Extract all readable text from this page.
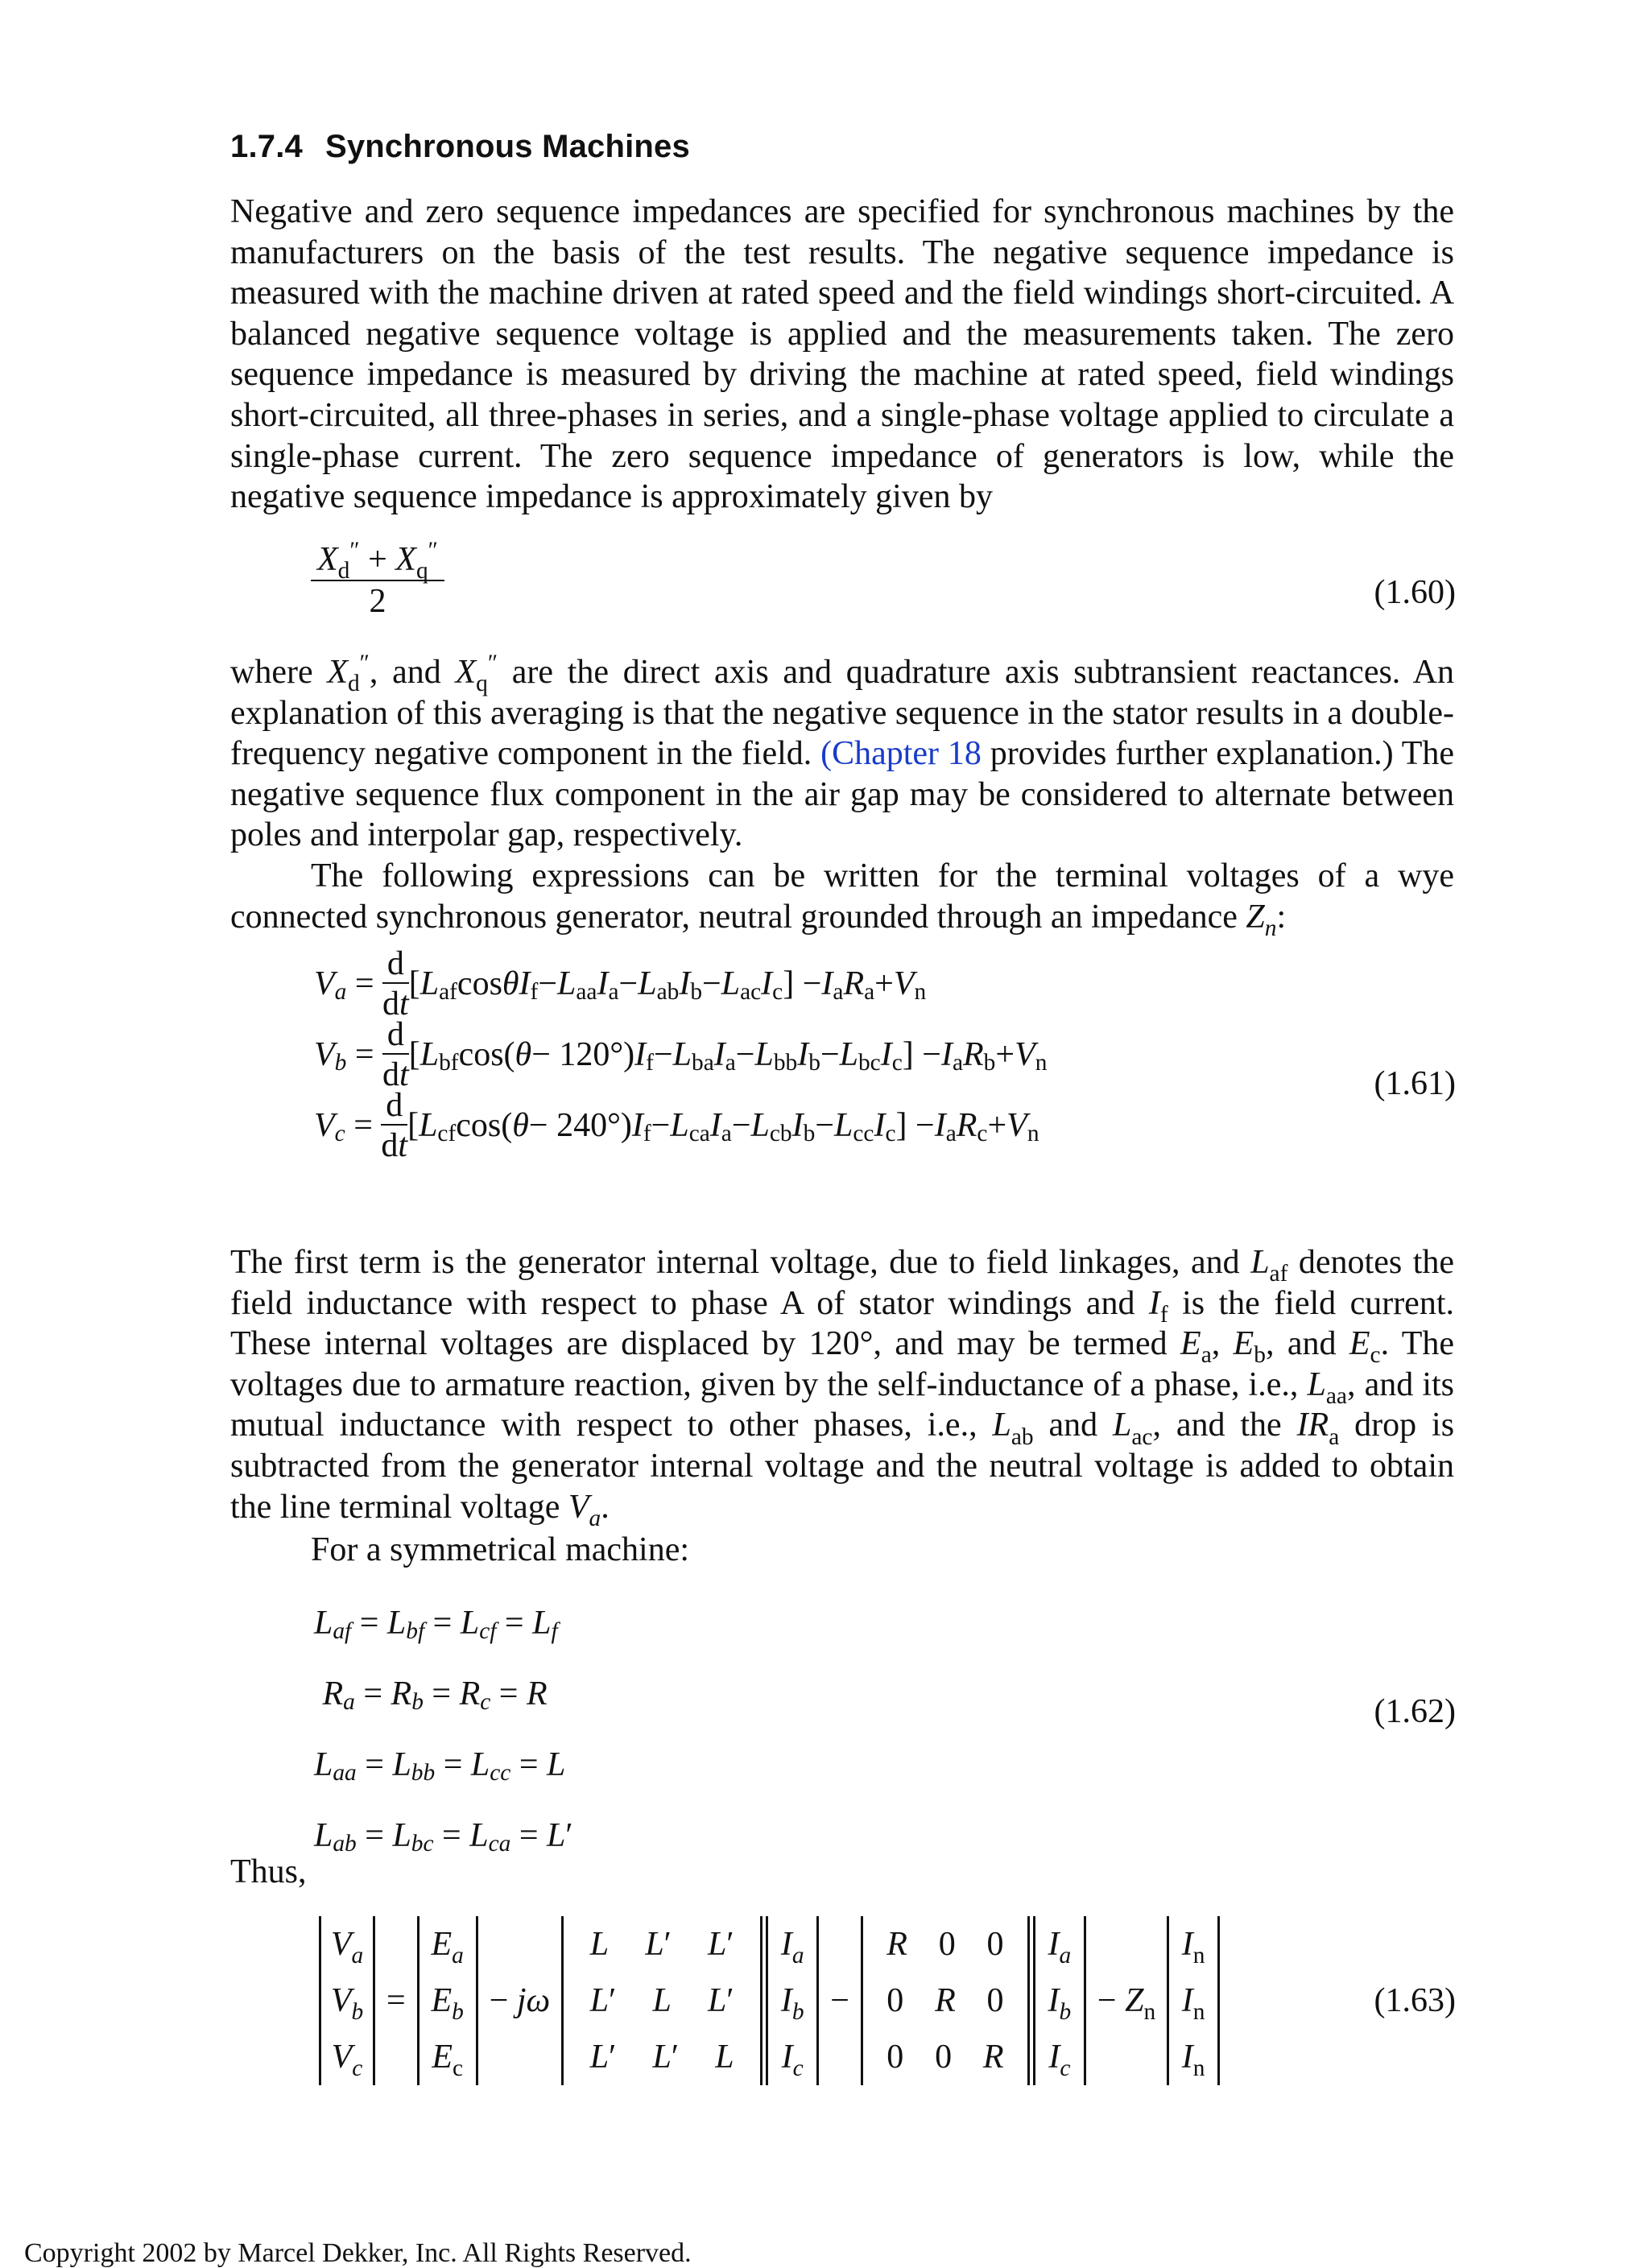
1.7.4 Synchronous Machines

Negative and zero sequence impedances are specified for synchronous machines by the manufacturers on the basis of the test results. The negative sequence impedance is measured with the machine driven at rated speed and the field windings short-circuited. A balanced negative sequence voltage is applied and the measurements taken. The zero sequence impedance is measured by driving the machine at rated speed, field windings short-circuited, all three-phases in series, and a single-phase voltage applied to circulate a single-phase current. The zero sequence impedance of generators is low, while the negative sequence impedance is approximately given by

$\frac{X_d'' + X_q''}{2}$	(1.60)

where $X_d''$, and $X_q''$ are the direct axis and quadrature axis subtransient reactances. An explanation of this averaging is that the negative sequence in the stator results in a double-frequency negative component in the field. (Chapter 18 provides further explanation.) The negative sequence flux component in the air gap may be considered to alternate between poles and interpolar gap, respectively.

The following expressions can be written for the terminal voltages of a wye connected synchronous generator, neutral grounded through an impedance $Z_n$:

V $_a = \frac{d}{dt}$ [ $L_{af}$ $\cos \theta I_f - L_{aa}$ $I_a - L_{ab}$ $I_b - L_{ac}$ $I_c$ ] − $I_a$ $R_a + V_n$
V $_b = \frac{d}{dt}$ [ $L_{bf}$ cos( θ − 120°) $I_f - L_{ba}$ $I_a - L_{bb}$ $I_b - L_{bc}$ $I_c$ ] − $I_a$ $R_b + V_n$
V $_c = \frac{d}{dt}$ [ $L_{cf}$ cos( θ − 240°) $I_f - L_{ca}$ $I_a - L_{cb}$ $I_b - L_{cc}$ $I_c$ ] − $I_a$ $R_c + V_n$
(1.61)

The first term is the generator internal voltage, due to field linkages, and $L_{af}$ denotes the field inductance with respect to phase A of stator windings and $I_f$ is the field current. These internal voltages are displaced by 120°, and may be termed $E_a$, $E_b$, and $E_c$. The voltages due to armature reaction, given by the self-inductance of a phase, i.e., $L_{aa}$, and its mutual inductance with respect to other phases, i.e., $L_{ab}$ and $L_{ac}$, and the $IR_a$ drop is subtracted from the generator internal voltage and the neutral voltage is added to obtain the line terminal voltage $V_a$.

For a symmetrical machine:

L $_{af}$ = L $_{bf}$ = L $_{cf}$ = L $_f$

R $_a$ = R $_b$ = R $_c$ = R
L $_{aa}$ = L $_{bb}$ = L $_{cc}$ = L
L $_{ab}$ = L $_{bc}$ = L $_{ca}$ = L ′
(1.62)

Thus,

$V_a$
$V_b$
$V_c$
=
$E_a$
$E_b$
$E_c$
− jω
L L′ L′
L′ L L′
L′ L′ L
$I_a$
$I_b$
$I_c$
−
R 0 0
0 R 0
0 0 R
$I_a$
$I_b$
$I_c$
− $Z_n$
$I_n$
$I_n$
$I_n$
(1.63)

Copyright 2002 by Marcel Dekker, Inc. All Rights Reserved.
